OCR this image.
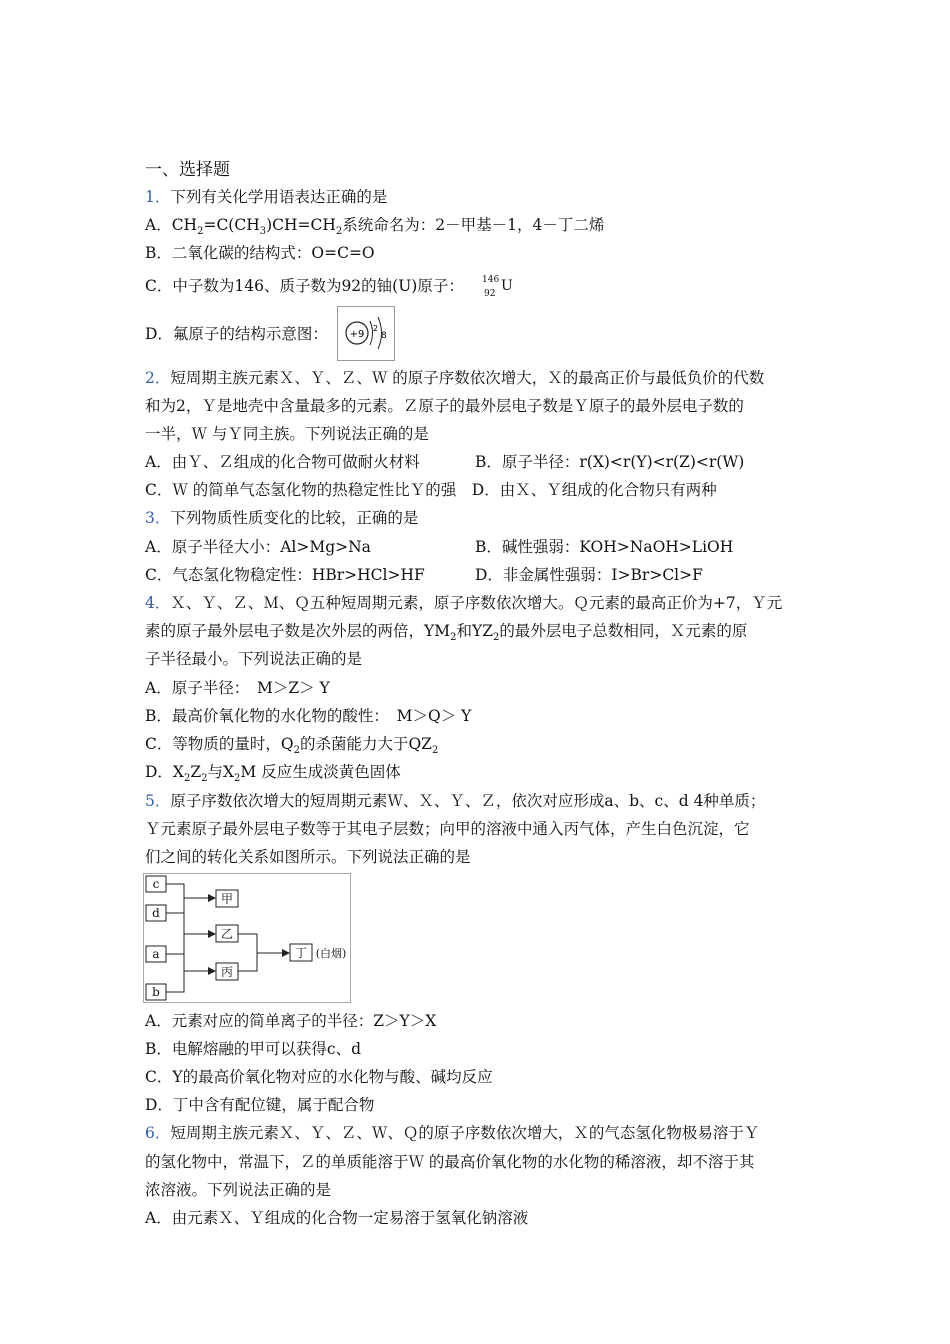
一、选择题
1．下列有关化学用语表达正确的是
A．$CH_2=C(CH_3)CH=CH_2$系统命名为：2－甲基－1，4－丁二烯
B．二氧化碳的结构式：O=C=O
C．中子数为146、质子数为92的铀(U)原子： 146
92 U
D．氟原子的结构示意图： +9
2
8
2．短周期主族元素Ｘ、Ｙ、Ｚ、Ｗ 的原子序数依次增大，Ｘ的最高正价与最低负价的代数
和为2，Ｙ是地壳中含量最多的元素。Ｚ原子的最外层电子数是Ｙ原子的最外层电子数的
一半，Ｗ 与Ｙ同主族。下列说法正确的是
A．由Ｙ、Ｚ组成的化合物可做耐火材料	B．原子半径：r(X)<r(Y)<r(Z)<r(W)
C．Ｗ 的简单气态氢化物的热稳定性比Ｙ的强　D．由Ｘ、Ｙ组成的化合物只有两种
3．下列物质性质变化的比较，正确的是
A．原子半径大小：Al>Mg>Na	B．碱性强弱：KOH>NaOH>LiOH
C．气态氢化物稳定性：HBr>HCl>HF	D．非金属性强弱：I>Br>Cl>F
4．Ｘ、Ｙ、Ｚ、Ｍ、Ｑ五种短周期元素，原子序数依次增大。Ｑ元素的最高正价为+7，Ｙ元
素的原子最外层电子数是次外层的两倍，$YM_2$和$YZ_2$的最外层电子总数相同，Ｘ元素的原
子半径最小。下列说法正确的是
A．原子半径：　M＞Z＞ Y
B．最高价氧化物的水化物的酸性：　M＞Q＞ Y
C．等物质的量时，$Q_2$的杀菌能力大于$QZ_2$
D．$X_2Z_2$与$X_2M$ 反应生成淡黄色固体
5．原子序数依次增大的短周期元素Ｗ、Ｘ、Ｙ、Ｚ，依次对应形成a、b、c、d 4种单质；
Ｙ元素原子最外层电子数等于其电子层数；向甲的溶液中通入丙气体，产生白色沉淀，它
们之间的转化关系如图所示。下列说法正确的是
c
d
a
b
甲
乙
丙
丁 (白烟)
A．元素对应的简单离子的半径：Z＞Y＞X
B．电解熔融的甲可以获得c、d
C．Y的最高价氧化物对应的水化物与酸、碱均反应
D．丁中含有配位键，属于配合物
6．短周期主族元素Ｘ、Ｙ、Ｚ、Ｗ、Ｑ的原子序数依次增大，Ｘ的气态氢化物极易溶于Ｙ
的氢化物中，常温下，Ｚ的单质能溶于Ｗ 的最高价氧化物的水化物的稀溶液，却不溶于其
浓溶液。下列说法正确的是
A．由元素Ｘ、Ｙ组成的化合物一定易溶于氢氧化钠溶液
